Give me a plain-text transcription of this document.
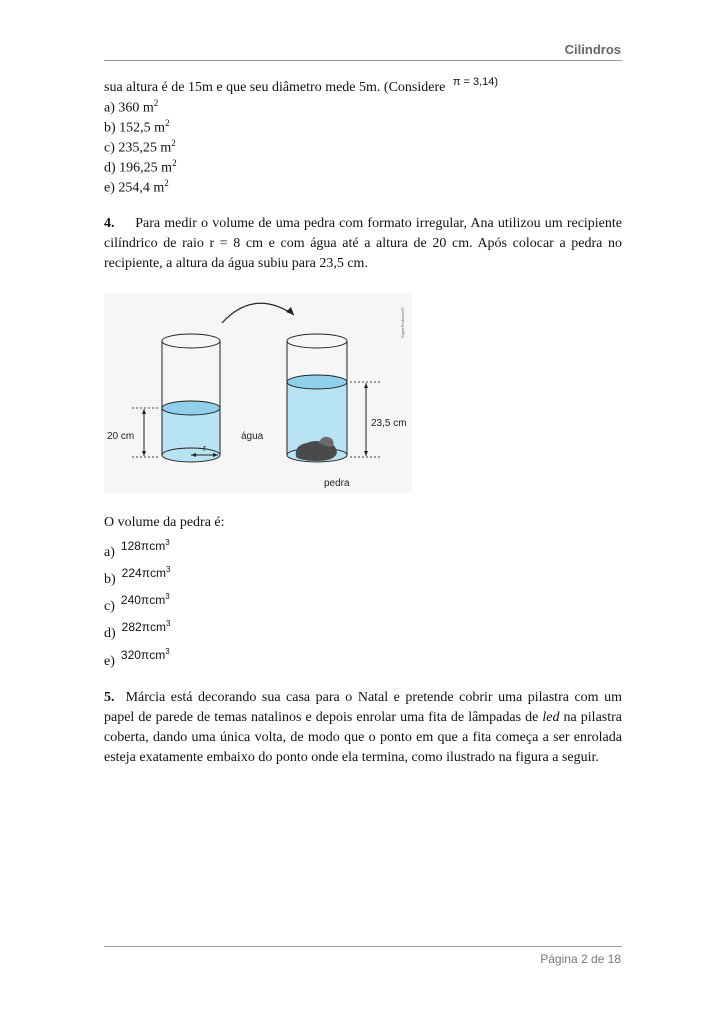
Cilindros
sua altura é de 15m e que seu diâmetro mede 5m. (Considere $^{\pi = 3,14)}$
a) 360 $m^2$
b) 152,5 $m^2$
c) 235,25 $m^2$
d) 196,25 $m^2$
e) 254,4 $m^2$
4. Para medir o volume de uma pedra com formato irregular, Ana utilizou um recipiente cilíndrico de raio r = 8 cm e com água até a altura de 20 cm. Após colocar a pedra no recipiente, a altura da água subiu para 23,5 cm.
r
20 cm	água
23,5 cm
pedra
SuperProfessor®
O volume da pedra é:
a) 128πcm$^3$
b) 224πcm$^3$
c) 240πcm$^3$
d) 282πcm$^3$
e) 320πcm$^3$
5. Márcia está decorando sua casa para o Natal e pretende cobrir uma pilastra com um papel de parede de temas natalinos e depois enrolar uma fita de lâmpadas de led na pilastra coberta, dando uma única volta, de modo que o ponto em que a fita começa a ser enrolada esteja exatamente embaixo do ponto onde ela termina, como ilustrado na figura a seguir.
Página 2 de 18
